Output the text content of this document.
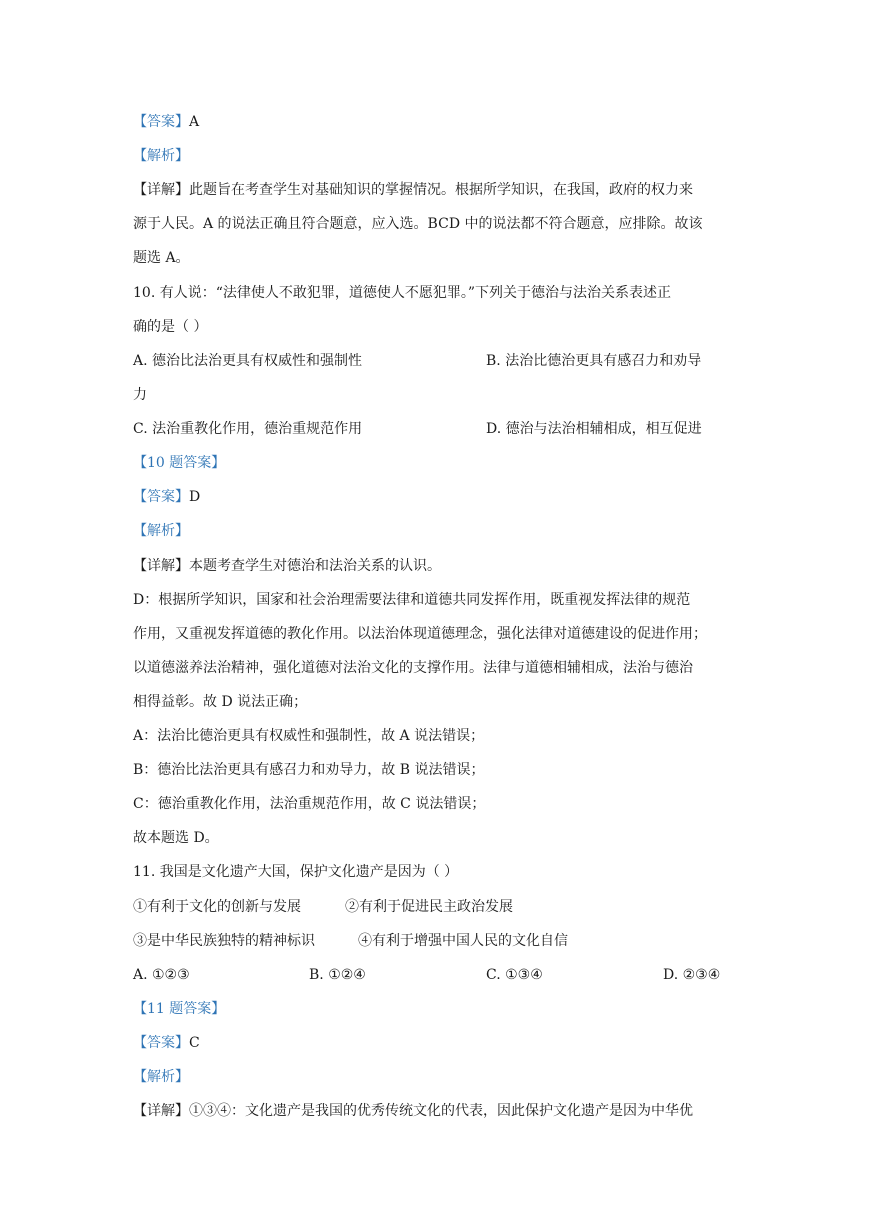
【答案】A
【解析】
【详解】此题旨在考查学生对基础知识的掌握情况。根据所学知识，在我国，政府的权力来
源于人民。A 的说法正确且符合题意，应入选。BCD 中的说法都不符合题意，应排除。故该
题选 A。
10. 有人说：“法律使人不敢犯罪，道德使人不愿犯罪。”下列关于德治与法治关系表述正
确的是（ ）
A. 德治比法治更具有权威性和强制性	B. 法治比德治更具有感召力和劝导
力
C. 法治重教化作用，德治重规范作用	D. 德治与法治相辅相成，相互促进
【10 题答案】
【答案】D
【解析】
【详解】本题考查学生对德治和法治关系的认识。
D：根据所学知识，国家和社会治理需要法律和道德共同发挥作用，既重视发挥法律的规范
作用，又重视发挥道德的教化作用。以法治体现道德理念，强化法律对道德建设的促进作用；
以道德滋养法治精神，强化道德对法治文化的支撑作用。法律与道德相辅相成，法治与德治
相得益彰。故 D 说法正确；
A：法治比德治更具有权威性和强制性，故 A 说法错误；
B：德治比法治更具有感召力和劝导力，故 B 说法错误；
C：德治重教化作用，法治重规范作用，故 C 说法错误；
故本题选 D。
11. 我国是文化遗产大国，保护文化遗产是因为（ ）
①有利于文化的创新与发展	②有利于促进民主政治发展
③是中华民族独特的精神标识	④有利于增强中国人民的文化自信
A. ①②③	B. ①②④	C. ①③④	D. ②③④
【11 题答案】
【答案】C
【解析】
【详解】①③④：文化遗产是我国的优秀传统文化的代表，因此保护文化遗产是因为中华优
